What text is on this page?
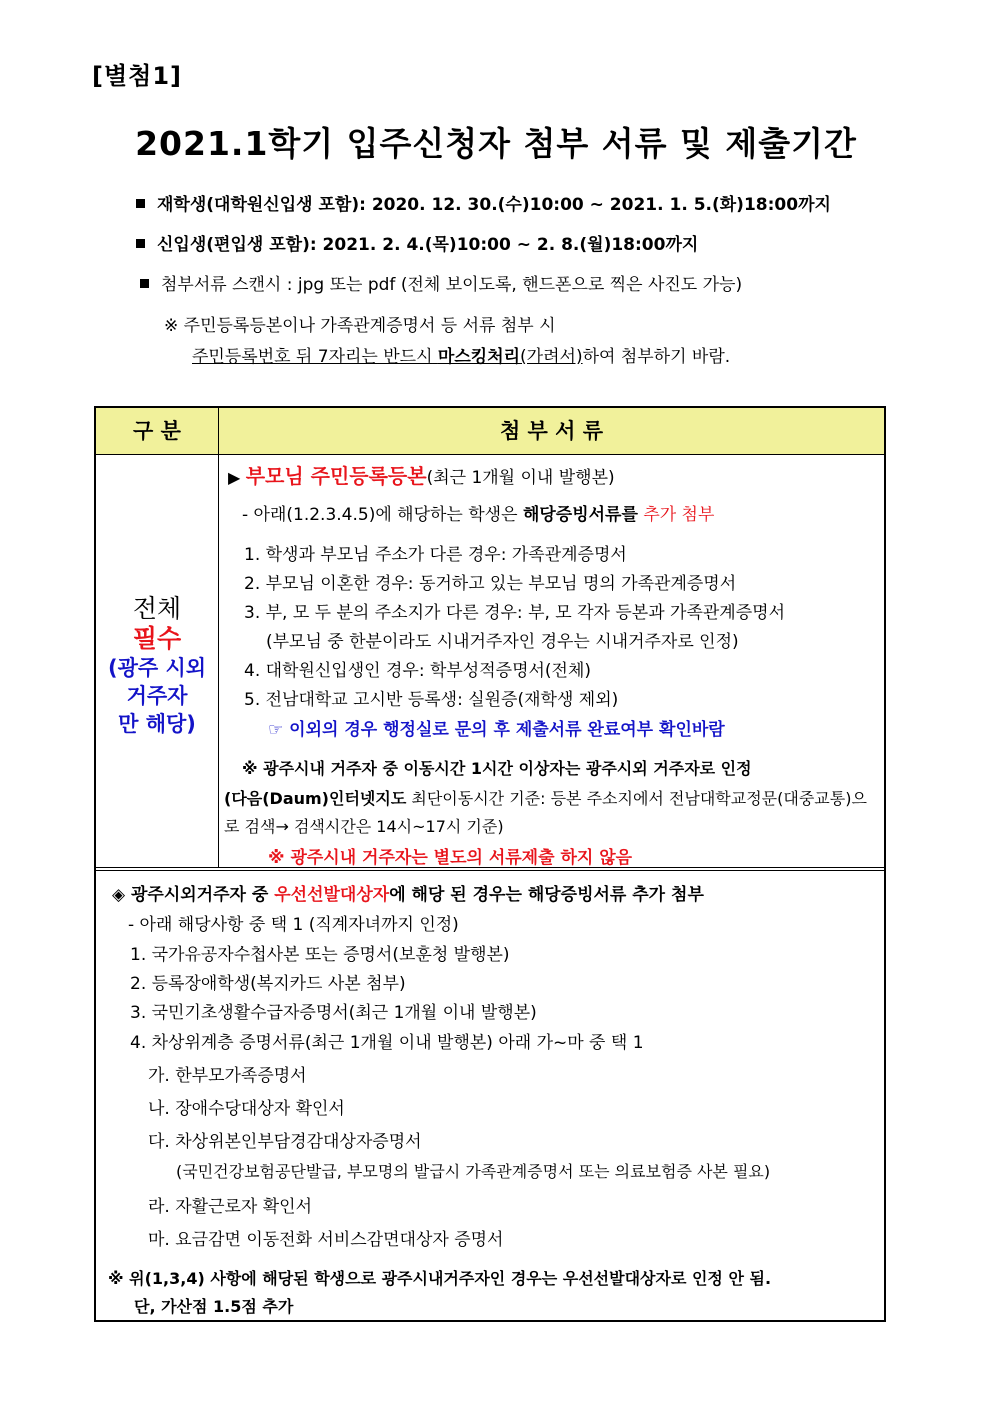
[별첨1]
2021.1학기 입주신청자 첨부 서류 및 제출기간
재학생(대학원신입생 포함): 2020. 12. 30.(수)10:00 ~ 2021. 1. 5.(화)18:00까지
신입생(편입생 포함): 2021. 2. 4.(목)10:00 ~ 2. 8.(월)18:00까지
첨부서류 스캔시 : jpg 또는 pdf (전체 보이도록, 핸드폰으로 찍은 사진도 가능)
※ 주민등록등본이나 가족관계증명서 등 서류 첨부 시
주민등록번호 뒤 7자리는 반드시 마스킹처리(가려서)하여 첨부하기 바람.
구 분	첨 부 서 류
전체
필수
(광주 시외
거주자
만 해당)
▶ 부모님 주민등록등본(최근 1개월 이내 발행본)
- 아래(1.2.3.4.5)에 해당하는 학생은 해당증빙서류를 추가 첨부
1. 학생과 부모님 주소가 다른 경우: 가족관계증명서
2. 부모님 이혼한 경우: 동거하고 있는 부모님 명의 가족관계증명서
3. 부, 모 두 분의 주소지가 다른 경우: 부, 모 각자 등본과 가족관계증명서
(부모님 중 한분이라도 시내거주자인 경우는 시내거주자로 인정)
4. 대학원신입생인 경우: 학부성적증명서(전체)
5. 전남대학교 고시반 등록생: 실원증(재학생 제외)
☞ 이외의 경우 행정실로 문의 후 제출서류 완료여부 확인바람
※ 광주시내 거주자 중 이동시간 1시간 이상자는 광주시외 거주자로 인정
(다음(Daum)인터넷지도 최단이동시간 기준: 등본 주소지에서 전남대학교정문(대중교통)으
로 검색→ 검색시간은 14시~17시 기준)
※ 광주시내 거주자는 별도의 서류제출 하지 않음
◈ 광주시외거주자 중 우선선발대상자에 해당 된 경우는 해당증빙서류 추가 첨부
- 아래 해당사항 중 택 1 (직계자녀까지 인정)
1. 국가유공자수첩사본 또는 증명서(보훈청 발행본)
2. 등록장애학생(복지카드 사본 첨부)
3. 국민기초생활수급자증명서(최근 1개월 이내 발행본)
4. 차상위계층 증명서류(최근 1개월 이내 발행본) 아래 가~마 중 택 1
가. 한부모가족증명서
나. 장애수당대상자 확인서
다. 차상위본인부담경감대상자증명서
(국민건강보험공단발급, 부모명의 발급시 가족관계증명서 또는 의료보험증 사본 필요)
라. 자활근로자 확인서
마. 요금감면 이동전화 서비스감면대상자 증명서
※ 위(1,3,4) 사항에 해당된 학생으로 광주시내거주자인 경우는 우선선발대상자로 인정 안 됨.
단, 가산점 1.5점 추가
